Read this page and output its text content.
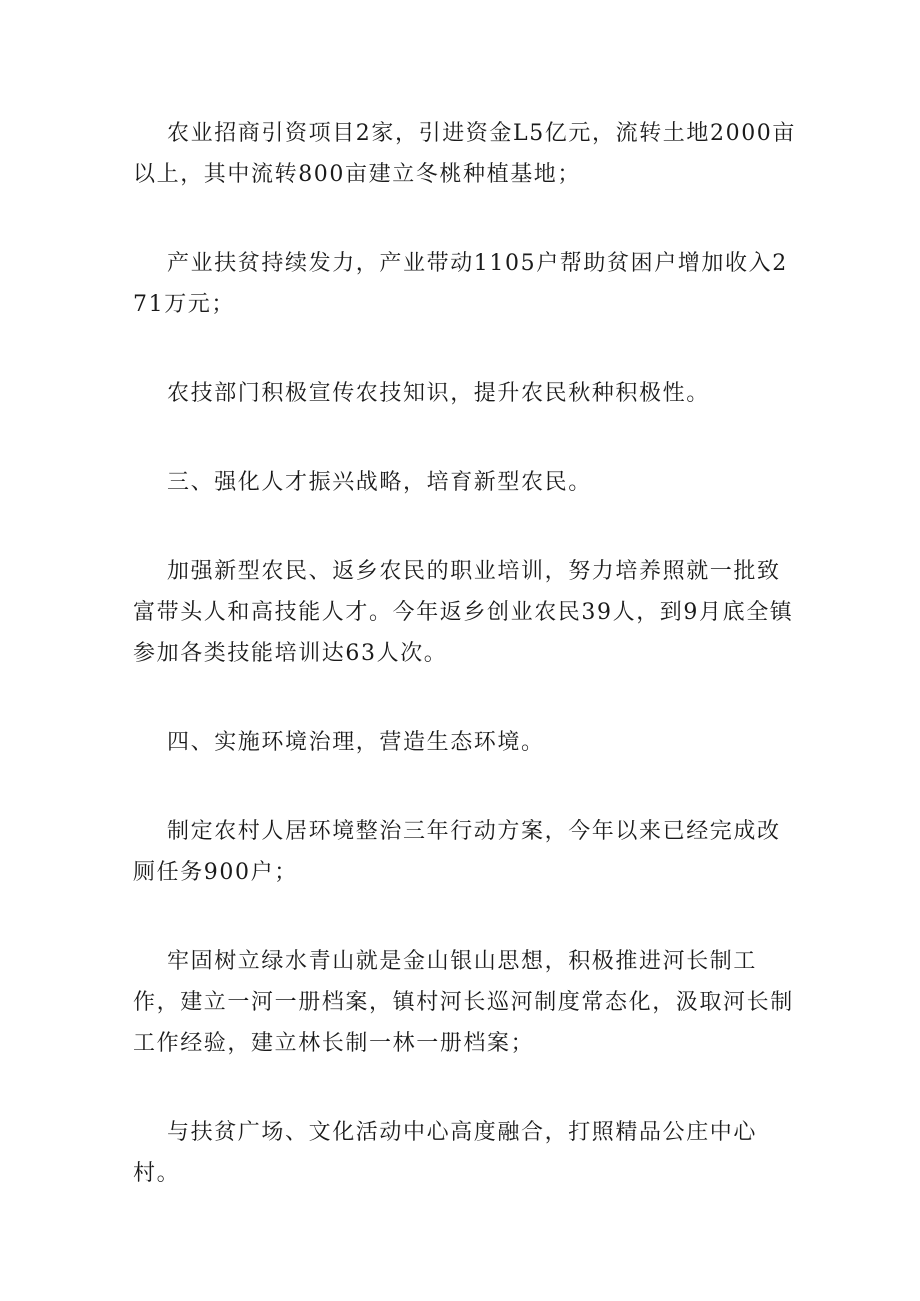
农业招商引资项目2家，引进资金L5亿元，流转土地2000亩以上，其中流转800亩建立冬桃种植基地；

产业扶贫持续发力，产业带动1105户帮助贫困户增加收入271万元；

农技部门积极宣传农技知识，提升农民秋种积极性。

三、强化人才振兴战略，培育新型农民。

加强新型农民、返乡农民的职业培训，努力培养照就一批致富带头人和高技能人才。今年返乡创业农民39人，到9月底全镇参加各类技能培训达63人次。

四、实施环境治理，营造生态环境。

制定农村人居环境整治三年行动方案，今年以来已经完成改厕任务900户；

牢固树立绿水青山就是金山银山思想，积极推进河长制工作，建立一河一册档案，镇村河长巡河制度常态化，汲取河长制工作经验，建立林长制一林一册档案；

与扶贫广场、文化活动中心高度融合，打照精品公庄中心村。
